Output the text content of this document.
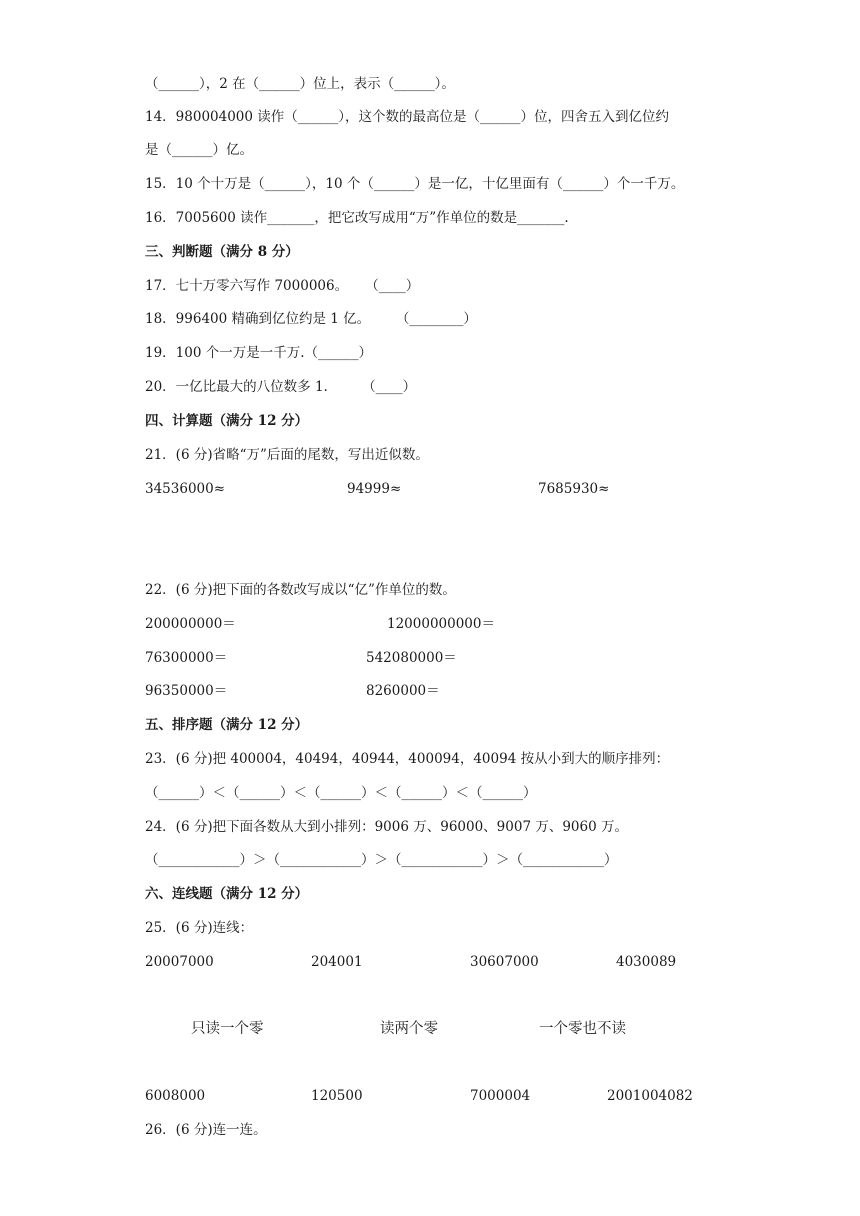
（______），2 在（______）位上，表示（______）。
14．980004000 读作（______），这个数的最高位是（______）位，四舍五入到亿位约
是（______）亿。
15．10 个十万是（______），10 个（______）是一亿，十亿里面有（______）个一千万。
16．7005600 读作_______，把它改写成用“万”作单位的数是_______.
三、判断题（满分 8 分）
17．七十万零六写作 7000006。    （____）
18．996400 精确到亿位约是 1 亿。      （________）
19．100 个一万是一千万.（______）
20．一亿比最大的八位数多 1.        （____）
四、计算题（满分 12 分）
21．(6 分)省略“万”后面的尾数，写出近似数。
34536000≈	94999≈	7685930≈
22．(6 分)把下面的各数改写成以“亿”作单位的数。
200000000＝	12000000000＝
76300000＝	542080000＝
96350000＝	8260000＝
五、排序题（满分 12 分）
23．(6 分)把 400004，40494，40944，400094，40094 按从小到大的顺序排列：
（______）＜（______）＜（______）＜（______）＜（______）
24．(6 分)把下面各数从大到小排列：9006 万、96000、9007 万、9060 万。
（____________）＞（____________）＞（____________）＞（____________）
六、连线题（满分 12 分）
25．(6 分)连线：
20007000	204001	30607000	4030089
只读一个零	读两个零	一个零也不读
6008000	120500	7000004	2001004082
26．(6 分)连一连。
